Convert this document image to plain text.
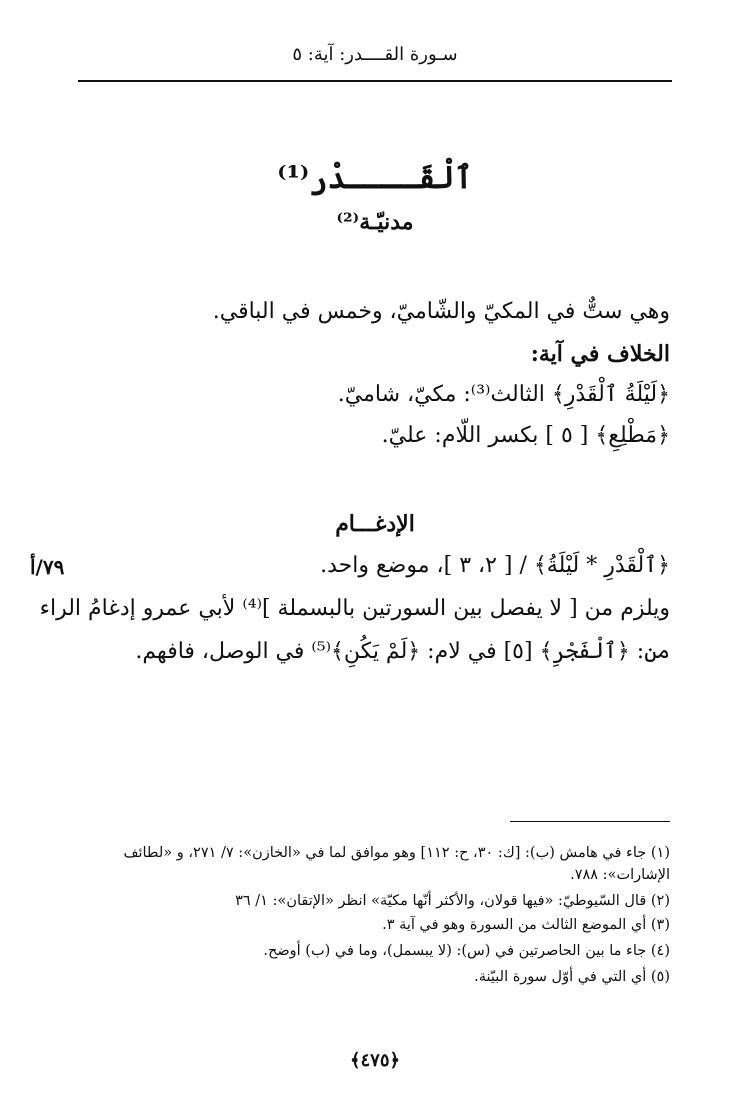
سـورة القــــدر: آية: ٥
ٱلْقَــــدْر⁽¹⁾
مدنيّـة⁽²⁾
وهي ستٌّ في المكيّ والشّاميّ، وخمس في الباقي.
الخلاف في آية:
﴿لَيْلَةُ ٱلْقَدْرِ﴾ الثالث⁽³⁾: مكيّ، شاميّ.
﴿مَطْلِعِ﴾ [ ٥ ] بكسر اللّام: عليّ.
الإدغـــام
﴿ٱلْقَدْرِ * لَيْلَةُ﴾ / [ ٢، ٣ ]، موضع واحد.
٧٩/أ
ويلزم من [ لا يفصل بين السورتين بالبسملة ]⁽⁴⁾ لأبي عمرو إدغامُ الراء
من: ﴿ٱلْفَجْرِ﴾ [٥] في لام: ﴿لَمْ يَكُنِ﴾⁽⁵⁾ في الوصل، فافهم.
(١) جاء في هامش (ب): [ك: ٣٠، ح: ١١٢] وهو موافق لما في «الخازن»: ٧/ ٢٧١، و «لطائف
الإشارات»: ٧٨٨.
(٢) قال السّيوطيّ: «فيها قولان، والأكثر أنّها مكيّة» انظر «الإتقان»: ١/ ٣٦
(٣) أي الموضع الثالث من السورة وهو في آية ٣.
(٤) جاء ما بين الحاصرتين في (س): (لا يبسمل)، وما في (ب) أوضح.
(٥) أي التي في أوّل سورة البيّنة.
﴿٤٧٥﴾
